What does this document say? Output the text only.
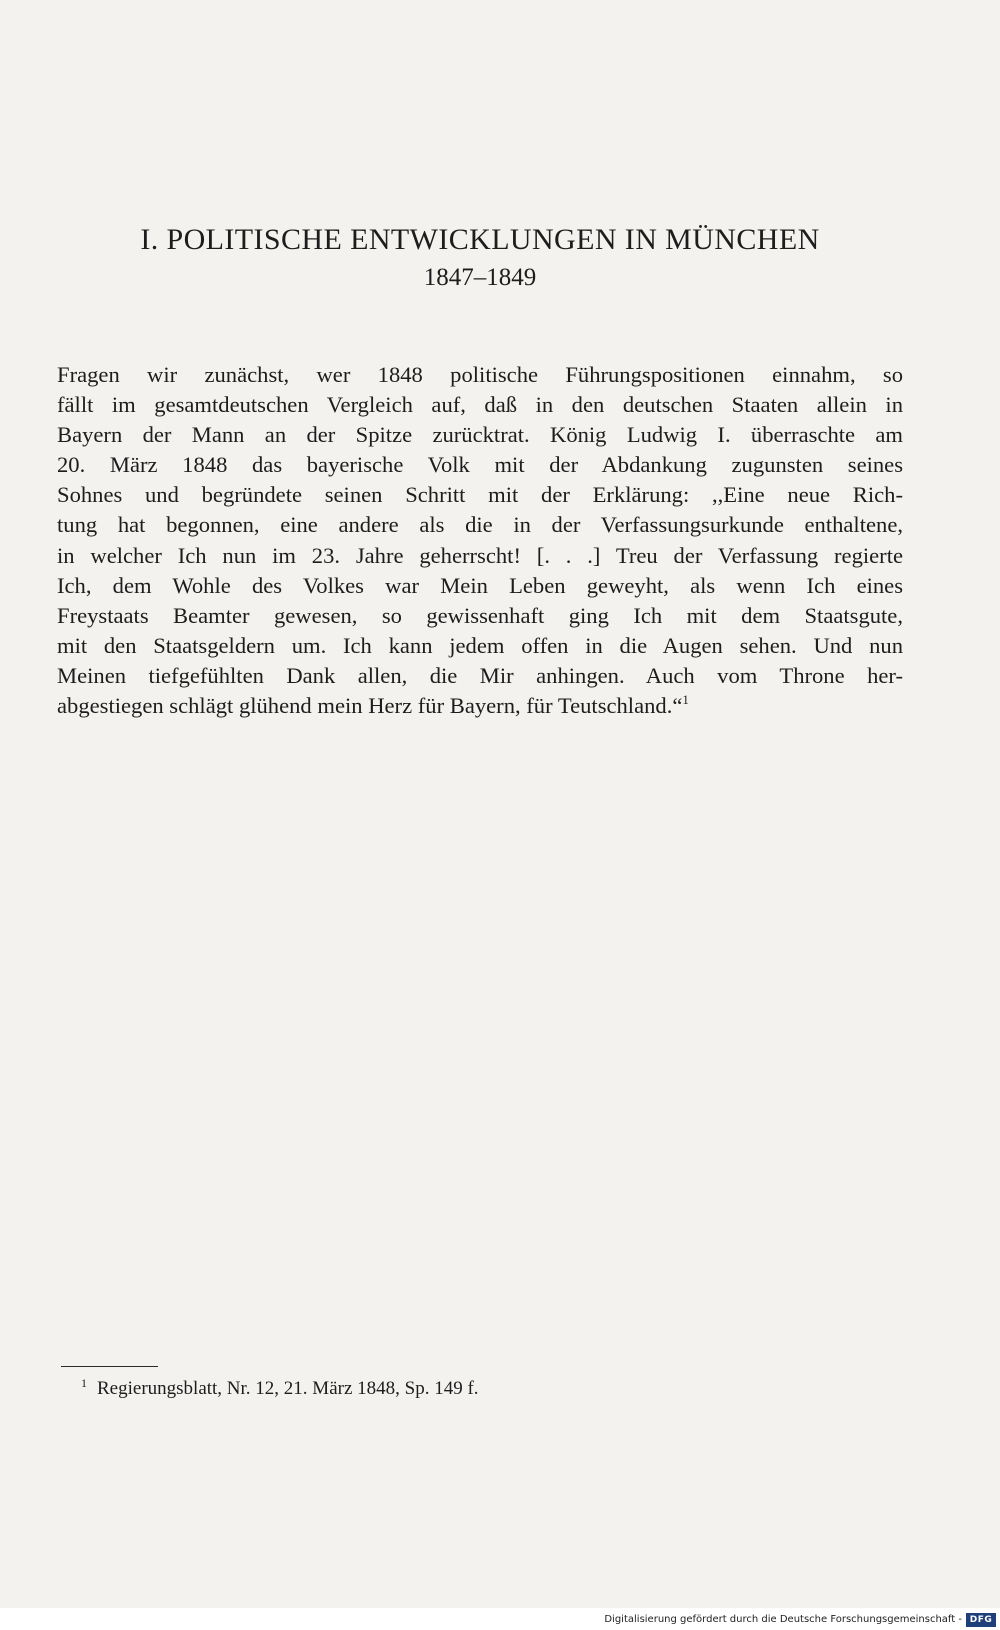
I. POLITISCHE ENTWICKLUNGEN IN MÜNCHEN
1847–1849
Fragen wir zunächst, wer 1848 politische Führungspositionen einnahm, so
fällt im gesamtdeutschen Vergleich auf, daß in den deutschen Staaten allein in
Bayern der Mann an der Spitze zurücktrat. König Ludwig I. überraschte am
20. März 1848 das bayerische Volk mit der Abdankung zugunsten seines
Sohnes und begründete seinen Schritt mit der Erklärung: ,,Eine neue Rich-
tung hat begonnen, eine andere als die in der Verfassungsurkunde enthaltene,
in welcher Ich nun im 23. Jahre geherrscht! [. . .] Treu der Verfassung regierte
Ich, dem Wohle des Volkes war Mein Leben geweyht, als wenn Ich eines
Freystaats Beamter gewesen, so gewissenhaft ging Ich mit dem Staatsgute,
mit den Staatsgeldern um. Ich kann jedem offen in die Augen sehen. Und nun
Meinen tiefgefühlten Dank allen, die Mir anhingen. Auch vom Throne her-
abgestiegen schlägt glühend mein Herz für Bayern, für Teutschland.“$^1$

$^1$ Regierungsblatt, Nr. 12, 21. März 1848, Sp. 149 f.

Digitalisierung gefördert durch die Deutsche Forschungsgemeinschaft - DFG
